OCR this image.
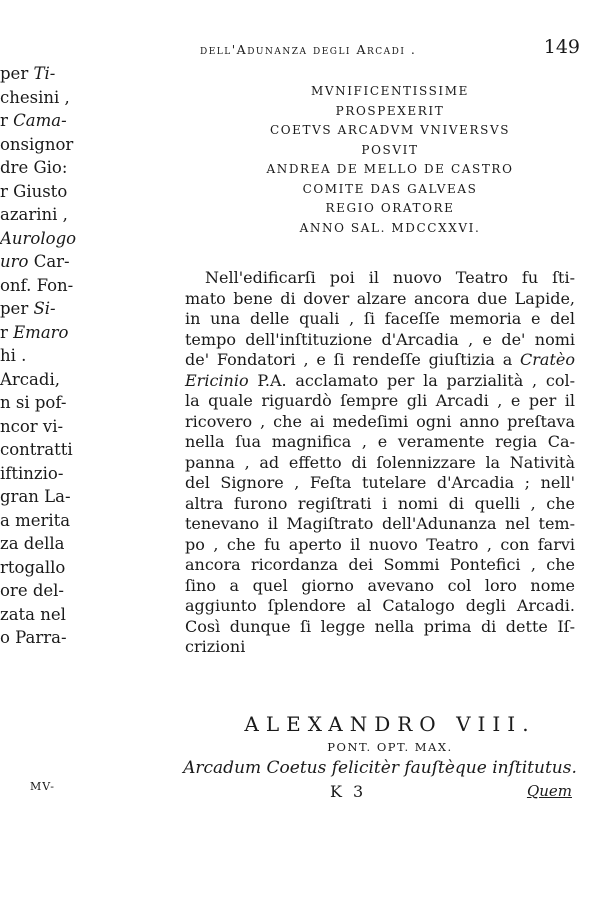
per Ti-
chesini ,
r Cama-
onsignor
dre Gio:
r Giusto
azarini ,
Aurologo
uro Car-
onf. Fon-
per Si-
r Emaro
hi .
Arcadi,
n si pof-
ncor vi-
contratti
iftinzio-
gran La-
a merita
za della
rtogallo
ore del-
zata nel
o Parra-
MV-
dell'Adunanza degli Arcadi .	149
MVNIFICENTISSIME
PROSPEXERIT
COETVS ARCADVM VNIVERSVS
POSVIT
ANDREA DE MELLO DE CASTRO
COMITE DAS GALVEAS
REGIO ORATORE
ANNO SAL. MDCCXXVI.
Nell'edificarſi poi il nuovo Teatro fu ſti-
mato bene di dover alzare ancora due Lapide,
in una delle quali , ſi faceſſe memoria e del
tempo dell'inſtituzione d'Arcadia , e de' nomi
de' Fondatori , e ſi rendeſſe giuſtizia a Cratèo
Ericinio P.A. acclamato per la parzialità , col-
la quale riguardò ſempre gli Arcadi , e per il
ricovero , che ai medeſimi ogni anno preſtava
nella ſua magnifica , e veramente regia Ca-
panna , ad effetto di ſolennizzare la Natività
del Signore , Feſta tutelare d'Arcadia ; nell'
altra furono regiſtrati i nomi di quelli , che
tenevano il Magiſtrato dell'Adunanza nel tem-
po , che fu aperto il nuovo Teatro , con farvi
ancora ricordanza dei Sommi Pontefici , che
ſino a quel giorno avevano col loro nome
aggiunto ſplendore al Catalogo degli Arcadi.
Così dunque ſi legge nella prima di dette Iſ-
crizioni
ALEXANDRO VIII.
PONT. OPT. MAX.
Arcadum Coetus felicitèr fauſtèque inſtitutus.
K 3	Quem
